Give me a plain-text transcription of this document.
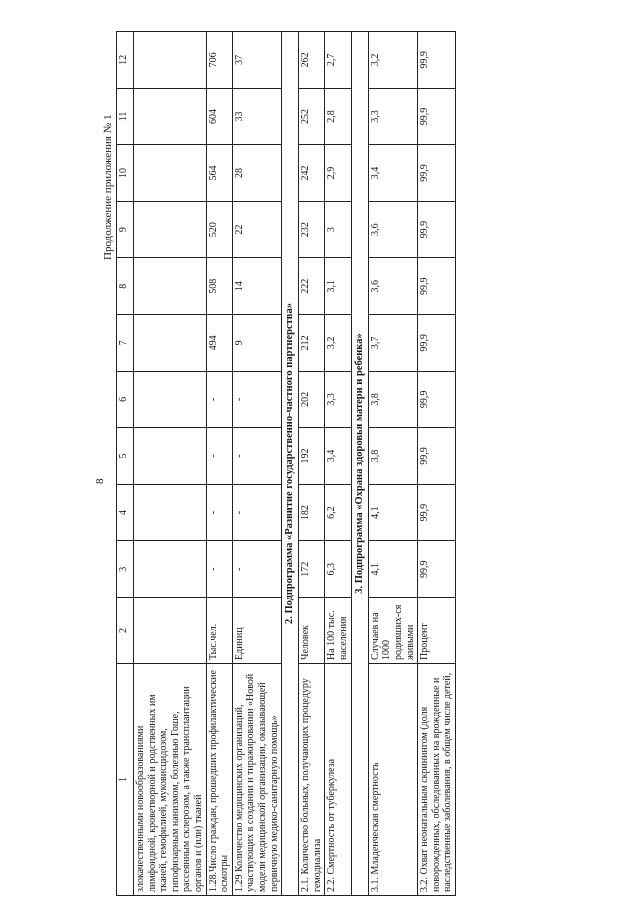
8
Продолжение приложения № 1
1	2	3	4	5	6	7	8	9	10	11	12
злокачественными новообразованиями лимфоидной, кроветворной и родственных им тканей, гемофилией, муковисцидозом, гипофизарным нанизмом, болезнью Гоше, рассеянным склерозом, а также трансплантации органов и (или) тканей											
1.28.Число граждан, прошедших профилактические осмотры	Тыс.чел.	-	-	-	-	494	508	520	564	604	706
1.29 Количество медицинских организаций, участвующих в создании и тиражировании «Новой модели медицинской организации, оказывающей первичную медико-санитарную помощь»	Единиц	-	-	-	-	9	14	22	28	33	37
2. Подпрограмма «Развитие государственно-частного партнерства»											
2.1. Количество больных, получающих процедуру гемодиализа	Человек	172	182	192	202	212	222	232	242	252	262
2.2. Смертность от туберкулеза	На 100 тыс. населения	6,3	6,2	3,4	3,3	3,2	3,1	3	2,9	2,8	2,7
3. Подпрограмма «Охрана здоровья матери и ребенка»											
3.1. Младенческая смертность	Случаев на 1000 родивших-ся живыми	4,1	4,1	3,8	3,8	3,7	3,6	3,6	3,4	3,3	3,2
3.2. Охват неонатальным скринингом (доля новорожденных, обследованных на врожденные и наследственные заболевания, в общем числе детей,	Процент	99,9	99,9	99,9	99,9	99,9	99,9	99,9	99,9	99,9	99,9
